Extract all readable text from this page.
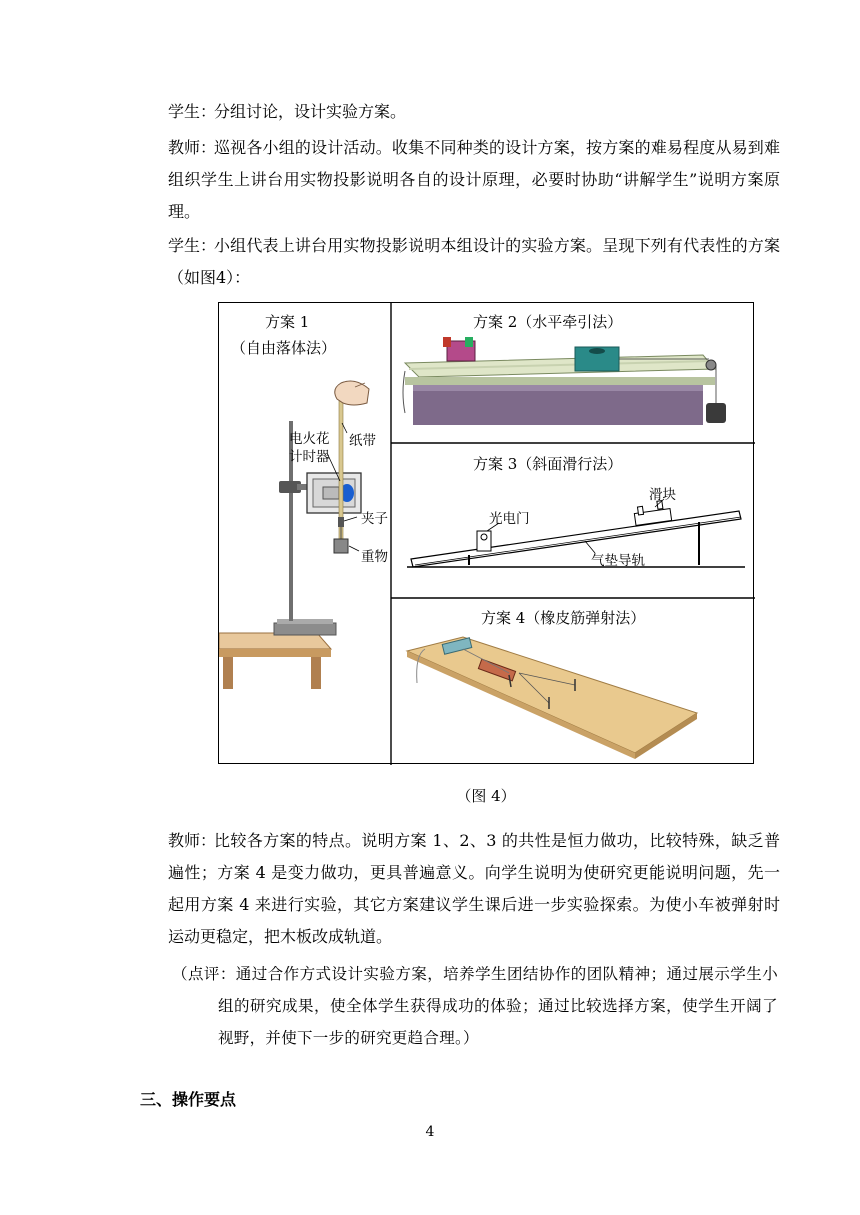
学生：
分组讨论，设计实验方案。
教师：
巡视各小组的设计活动。收集不同种类的设计方案，按方案的难易程度从易到难组织学生上讲台用实物投影说明各自的设计原理，必要时协助“讲解学生”说明方案原理。
学生：
小组代表上讲台用实物投影说明本组设计的实验方案。呈现下列有代表性的方案（如图4）：
方案 1
（自由落体法）
电火花
计时器
纸带
夹子
重物
方案 2（水平牵引法）
方案 3（斜面滑行法）
滑块
光电门
气垫导轨
方案 4（橡皮筋弹射法）
（图 4）
教师：
比较各方案的特点。说明方案 1、2、3 的共性是恒力做功，比较特殊，缺乏普遍性；方案 4 是变力做功，更具普遍意义。向学生说明为使研究更能说明问题，先一起用方案 4 来进行实验，其它方案建议学生课后进一步实验探索。为使小车被弹射时运动更稳定，把木板改成轨道。
（点评：通过合作方式设计实验方案，培养学生团结协作的团队精神；通过展示学生小组的研究成果，使全体学生获得成功的体验；通过比较选择方案，使学生开阔了视野，并使下一步的研究更趋合理。）
三、操作要点
4
